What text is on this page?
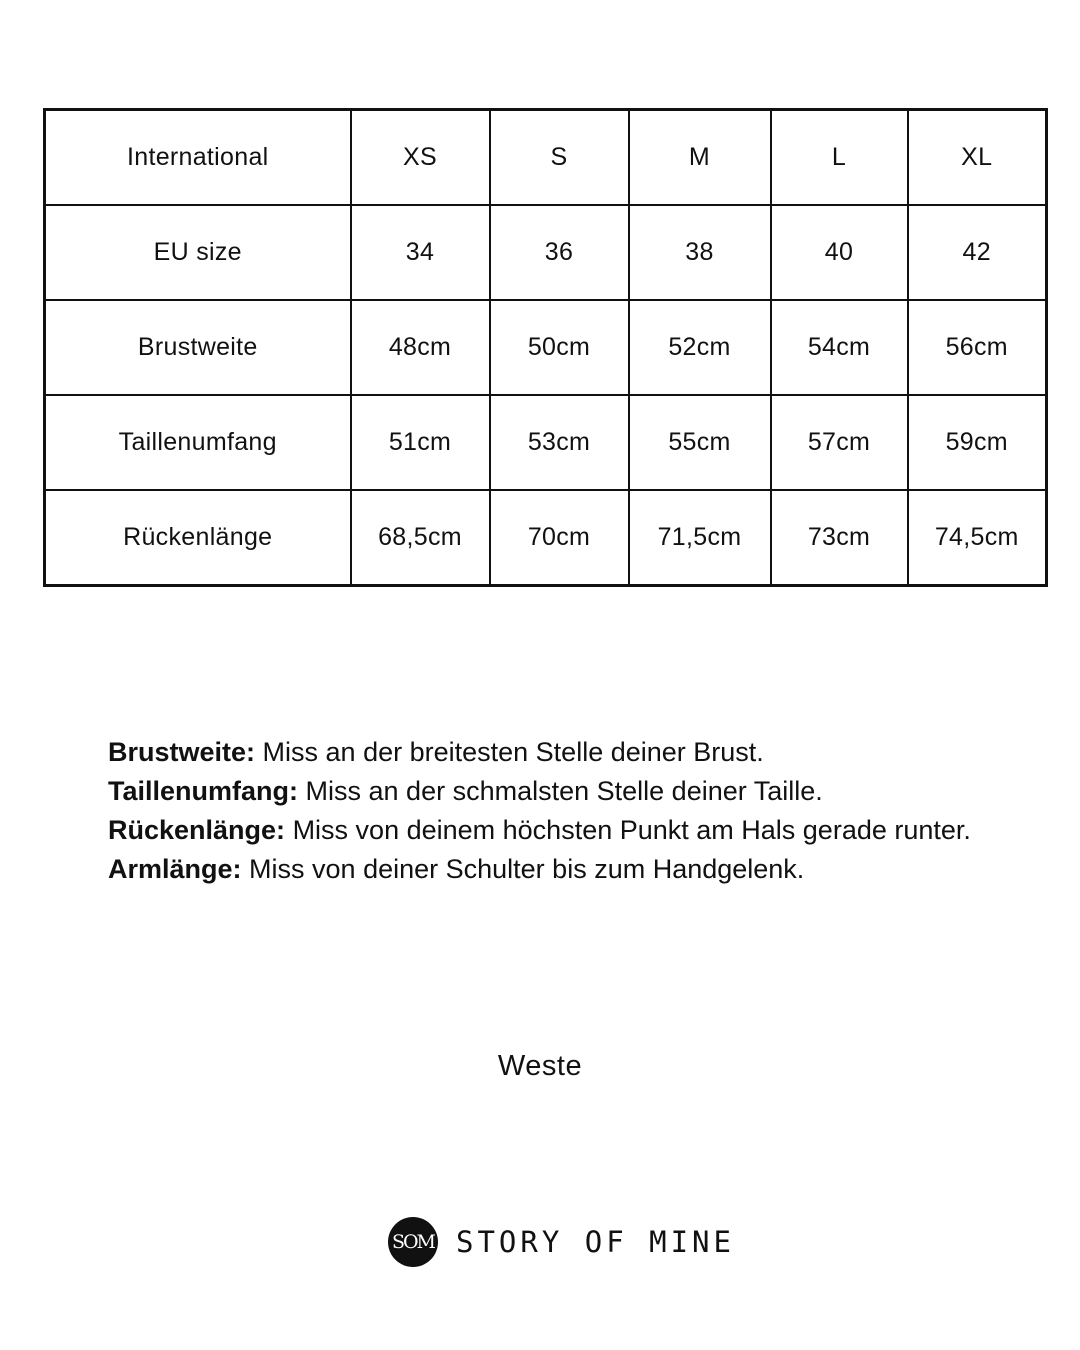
International	XS	S	M	L	XL
EU size	34	36	38	40	42
Brustweite	48cm	50cm	52cm	54cm	56cm
Taillenumfang	51cm	53cm	55cm	57cm	59cm
Rückenlänge	68,5cm	70cm	71,5cm	73cm	74,5cm

Brustweite: Miss an der breitesten Stelle deiner Brust.

Taillenumfang: Miss an der schmalsten Stelle deiner Taille.

Rückenlänge: Miss von deinem höchsten Punkt am Hals gerade runter.

Armlänge: Miss von deiner Schulter bis zum Handgelenk.

Weste
SOM STORY OF MINE
